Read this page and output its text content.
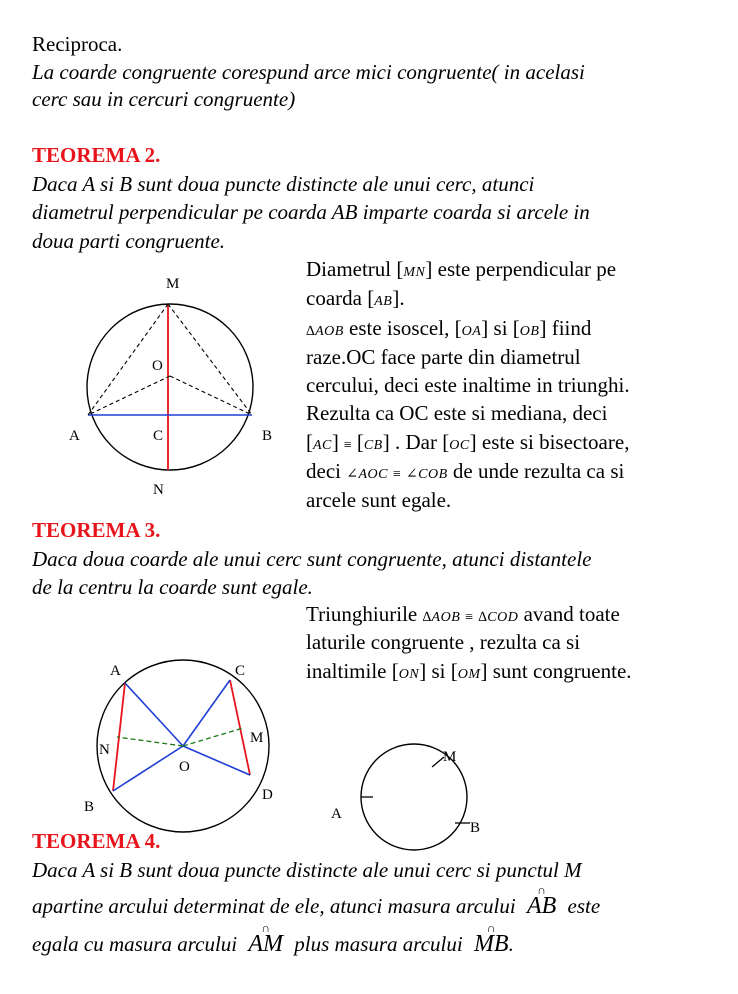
Reciproca.
La coarde congruente corespund arce mici congruente( in acelasi
cerc sau in cercuri congruente)
TEOREMA 2.
Daca A si B sunt doua puncte distincte ale unui cerc, atunci
diametrul perpendicular pe coarda AB imparte coarda si arcele in
doua parti congruente.
M
O
A	C	B
N
Diametrul [MN] este perpendicular pe
coarda [AB].
∆AOB este isoscel, [OA] si [OB] fiind
raze.OC face parte din diametrul
cercului, deci este inaltime in triunghi.
Rezulta ca OC este si mediana, deci
[AC] ≡ [CB] . Dar [OC] este si bisectoare,
deci ∠AOC ≡ ∠COB de unde rezulta ca si
arcele sunt egale.
TEOREMA 3.
Daca doua coarde ale unui cerc sunt congruente, atunci distantele
de la centru la coarde sunt egale.
Triunghiurile ∆AOB ≡ ∆COD avand toate
laturile congruente , rezulta ca si
inaltimile [ON] si [OM] sunt congruente.
A	C
N
M
O
B
D
M
A
B
TEOREMA 4.
Daca A si B sunt doua puncte distincte ale unui cerc si punctul M
apartine arcului determinat de ele, atunci masura arcului
∩
AB este
egala cu masura arcului
∩
AM plus masura arcului
∩
MB.
